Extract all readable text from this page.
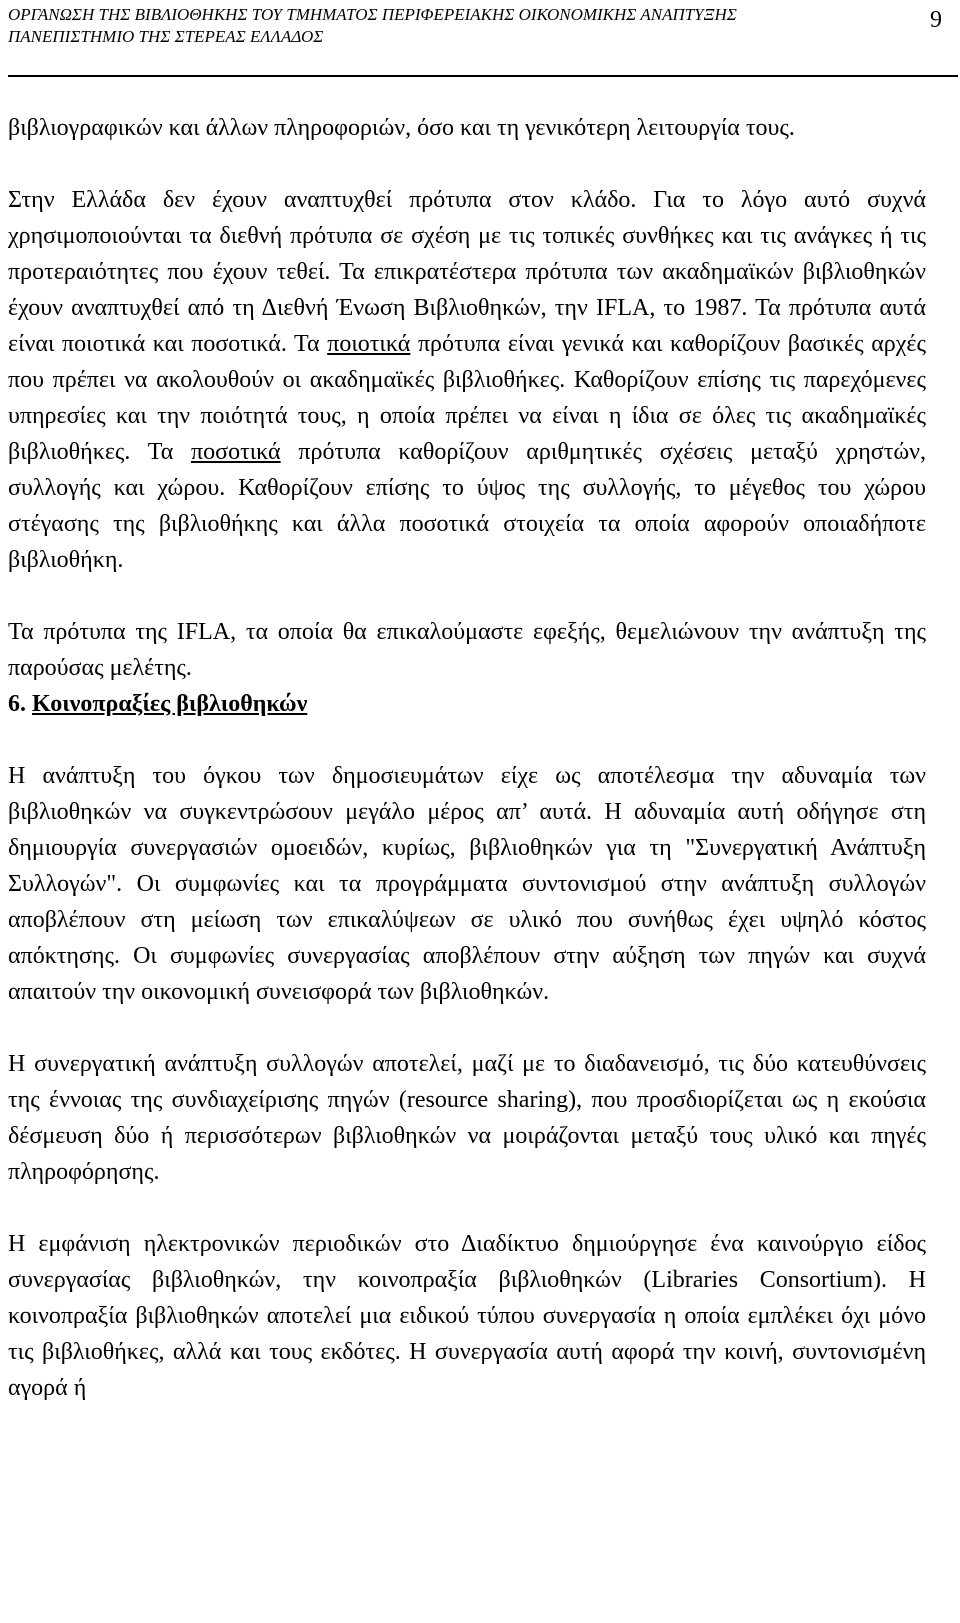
ΟΡΓΑΝΩΣΗ ΤΗΣ ΒΙΒΛΙΟΘΗΚΗΣ ΤΟΥ ΤΜΗΜΑΤΟΣ ΠΕΡΙΦΕΡΕΙΑΚΗΣ ΟΙΚΟΝΟΜΙΚΗΣ ΑΝΑΠΤΥΞΗΣ
ΠΑΝΕΠΙΣΤΗΜΙΟ ΤΗΣ ΣΤΕΡΕΑΣ ΕΛΛΑΔΟΣ
9

βιβλιογραφικών και άλλων πληροφοριών, όσο και τη γενικότερη λειτουργία τους.

Στην Ελλάδα δεν έχουν αναπτυχθεί πρότυπα στον κλάδο. Για το λόγο αυτό συχνά χρησιμοποιούνται τα διεθνή πρότυπα σε σχέση με τις τοπικές συνθήκες και τις ανάγκες ή τις προτεραιότητες που έχουν τεθεί. Τα επικρατέστερα πρότυπα των ακαδημαϊκών βιβλιοθηκών έχουν αναπτυχθεί από τη Διεθνή Ένωση Βιβλιοθηκών, την IFLA, το 1987. Τα πρότυπα αυτά είναι ποιοτικά και ποσοτικά. Τα ποιοτικά πρότυπα είναι γενικά και καθορίζουν βασικές αρχές που πρέπει να ακολουθούν οι ακαδημαϊκές βιβλιοθήκες. Καθορίζουν επίσης τις παρεχόμενες υπηρεσίες και την ποιότητά τους, η οποία πρέπει να είναι η ίδια σε όλες τις ακαδημαϊκές βιβλιοθήκες. Τα ποσοτικά πρότυπα καθορίζουν αριθμητικές σχέσεις μεταξύ χρηστών, συλλογής και χώρου. Καθορίζουν επίσης το ύψος της συλλογής, το μέγεθος του χώρου στέγασης της βιβλιοθήκης και άλλα ποσοτικά στοιχεία τα οποία αφορούν οποιαδήποτε βιβλιοθήκη.

Τα πρότυπα της IFLA, τα οποία θα επικαλούμαστε εφεξής, θεμελιώνουν την ανάπτυξη της παρούσας μελέτης.

6. Κοινοπραξίες βιβλιοθηκών

Η ανάπτυξη του όγκου των δημοσιευμάτων είχε ως αποτέλεσμα την αδυναμία των βιβλιοθηκών να συγκεντρώσουν μεγάλο μέρος απ’ αυτά. Η αδυναμία αυτή οδήγησε στη δημιουργία συνεργασιών ομοειδών, κυρίως, βιβλιοθηκών για τη "Συνεργατική Ανάπτυξη Συλλογών". Οι συμφωνίες και τα προγράμματα συντονισμού στην ανάπτυξη συλλογών αποβλέπουν στη μείωση των επικαλύψεων σε υλικό που συνήθως έχει υψηλό κόστος απόκτησης. Οι συμφωνίες συνεργασίας αποβλέπουν στην αύξηση των πηγών και συχνά απαιτούν την οικονομική συνεισφορά των βιβλιοθηκών.

Η συνεργατική ανάπτυξη συλλογών αποτελεί, μαζί με το διαδανεισμό, τις δύο κατευθύνσεις της έννοιας της συνδιαχείρισης πηγών (resource sharing), που προσδιορίζεται ως η εκούσια δέσμευση δύο ή περισσότερων βιβλιοθηκών να μοιράζονται μεταξύ τους υλικό και πηγές πληροφόρησης.

Η εμφάνιση ηλεκτρονικών περιοδικών στο Διαδίκτυο δημιούργησε ένα καινούργιο είδος συνεργασίας βιβλιοθηκών, την κοινοπραξία βιβλιοθηκών (Libraries Consortium). Η κοινοπραξία βιβλιοθηκών αποτελεί μια ειδικού τύπου συνεργασία η οποία εμπλέκει όχι μόνο τις βιβλιοθήκες, αλλά και τους εκδότες. Η συνεργασία αυτή αφορά την κοινή, συντονισμένη αγορά ή
